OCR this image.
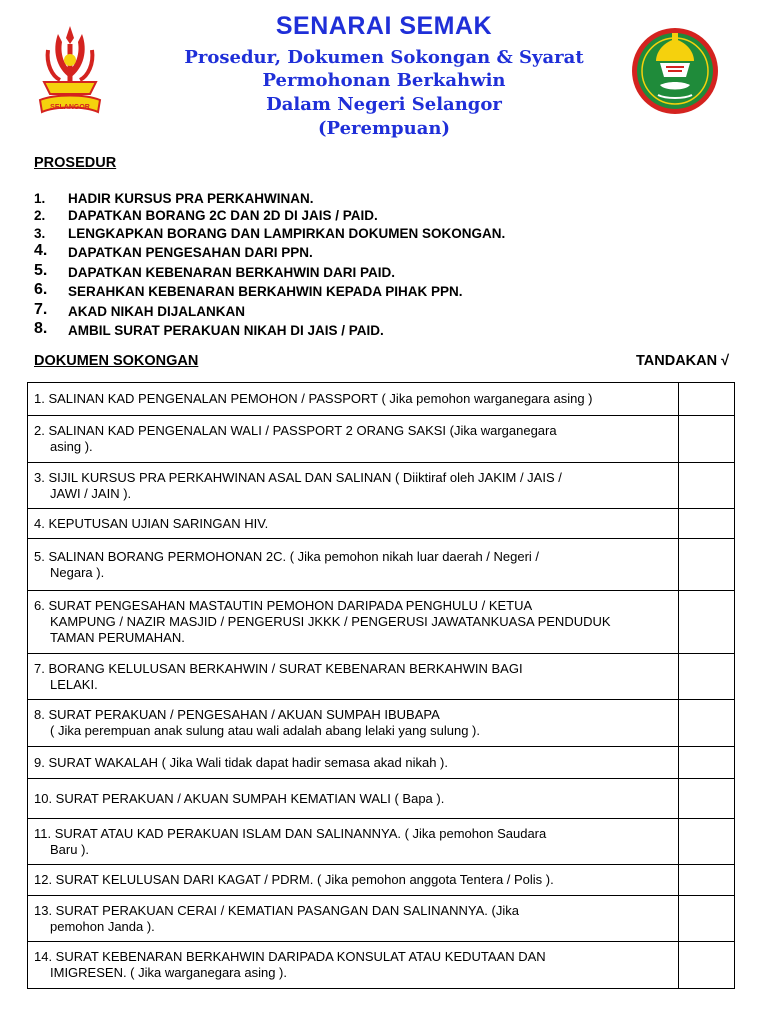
SELANGOR
SENARAI SEMAK
Prosedur, Dokumen Sokongan & Syarat
Permohonan Berkahwin
Dalam Negeri Selangor
(Perempuan)
PROSEDUR
1.	HADIR KURSUS PRA PERKAHWINAN.
2.	DAPATKAN BORANG 2C DAN 2D DI JAIS / PAID.
3.	LENGKAPKAN BORANG DAN LAMPIRKAN DOKUMEN SOKONGAN.
4.	DAPATKAN PENGESAHAN DARI PPN.
5.	DAPATKAN KEBENARAN BERKAHWIN DARI PAID.
6.	SERAHKAN KEBENARAN BERKAHWIN KEPADA PIHAK PPN.
7.	AKAD NIKAH DIJALANKAN
8.	AMBIL SURAT PERAKUAN NIKAH DI JAIS / PAID.
DOKUMEN SOKONGAN	TANDAKAN √
1. SALINAN KAD PENGENALAN PEMOHON / PASSPORT ( Jika pemohon warganegara asing )	
2. SALINAN KAD PENGENALAN WALI / PASSPORT 2 ORANG SAKSI (Jika warganegara
asing ).	

3. SIJIL KURSUS PRA PERKAHWINAN ASAL DAN SALINAN ( Diiktiraf oleh JAKIM / JAIS /
JAWI / JAIN ).	

4. KEPUTUSAN UJIAN SARINGAN HIV.	
5. SALINAN BORANG PERMOHONAN 2C. ( Jika pemohon nikah luar daerah / Negeri /
Negara ).	

6. SURAT PENGESAHAN MASTAUTIN PEMOHON DARIPADA PENGHULU / KETUA
KAMPUNG / NAZIR MASJID / PENGERUSI JKKK / PENGERUSI JAWATANKUASA PENDUDUK
TAMAN PERUMAHAN.	

7. BORANG KELULUSAN BERKAHWIN / SURAT KEBENARAN BERKAHWIN BAGI
LELAKI.	

8. SURAT PERAKUAN / PENGESAHAN / AKUAN SUMPAH IBUBAPA
( Jika perempuan anak sulung atau wali adalah abang lelaki yang sulung ).	

9. SURAT WAKALAH ( Jika Wali tidak dapat hadir semasa akad nikah ).	
10. SURAT PERAKUAN / AKUAN SUMPAH KEMATIAN WALI ( Bapa ).	
11. SURAT ATAU KAD PERAKUAN ISLAM DAN SALINANNYA. ( Jika pemohon Saudara
Baru ).	

12. SURAT KELULUSAN DARI KAGAT / PDRM. ( Jika pemohon anggota Tentera / Polis ).	
13. SURAT PERAKUAN CERAI / KEMATIAN PASANGAN DAN SALINANNYA. (Jika
pemohon Janda ).	

14. SURAT KEBENARAN BERKAHWIN DARIPADA KONSULAT ATAU KEDUTAAN DAN
IMIGRESEN. ( Jika warganegara asing ).	
